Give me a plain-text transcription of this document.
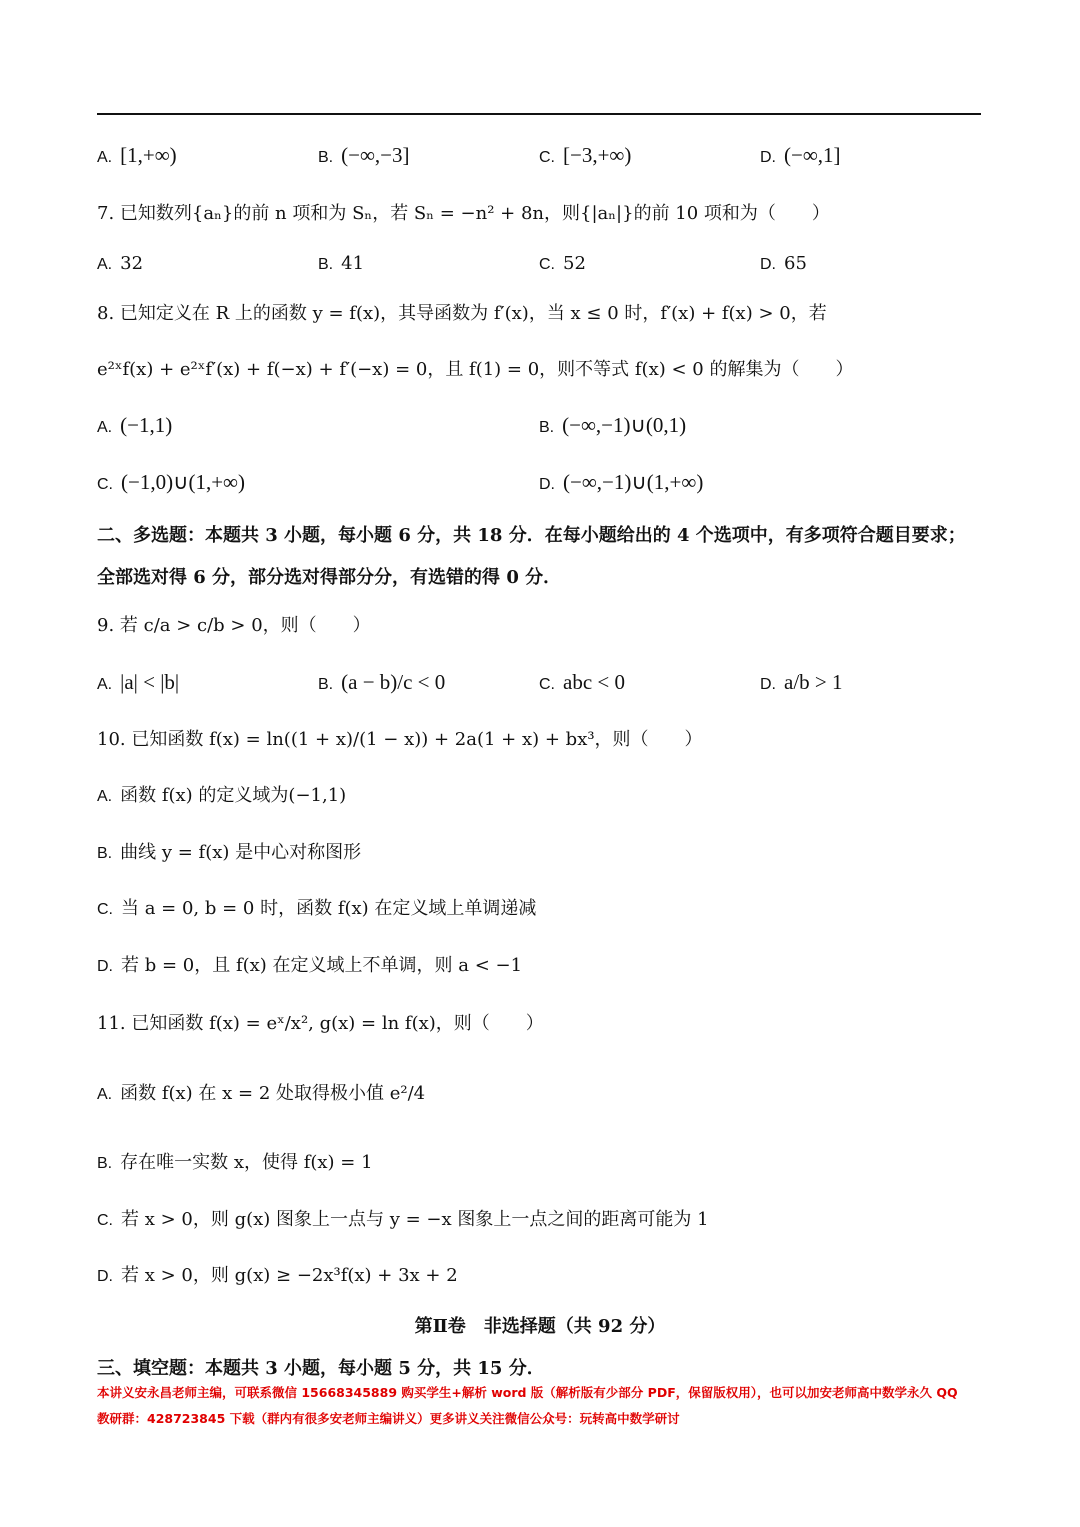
A. [1,+∞)	B. (−∞,−3]	C. [−3,+∞)	D. (−∞,1]
7. 已知数列{aₙ}的前 n 项和为 Sₙ，若 Sₙ = −n² + 8n，则{|aₙ|}的前 10 项和为（　　）
A. 32	B. 41	C. 52	D. 65
8. 已知定义在 R 上的函数 y = f(x)，其导函数为 f′(x)，当 x ≤ 0 时，f′(x) + f(x) > 0，若
e²ˣf(x) + e²ˣf′(x) + f(−x) + f′(−x) = 0，且 f(1) = 0，则不等式 f(x) < 0 的解集为（　　）
A. (−1,1)	B. (−∞,−1)∪(0,1)
C. (−1,0)∪(1,+∞)	D. (−∞,−1)∪(1,+∞)
二、多选题：本题共 3 小题，每小题 6 分，共 18 分．在每小题给出的 4 个选项中，有多项符合题目要求；
全部选对得 6 分，部分选对得部分分，有选错的得 0 分．
9. 若 c/a > c/b > 0，则（　　）
A. |a| < |b|	B. (a − b)/c < 0	C. abc < 0	D. a/b > 1
10. 已知函数 f(x) = ln((1 + x)/(1 − x)) + 2a(1 + x) + bx³，则（　　）
A. 函数 f(x) 的定义域为(−1,1)
B. 曲线 y = f(x) 是中心对称图形
C. 当 a = 0, b = 0 时，函数 f(x) 在定义域上单调递减
D. 若 b = 0，且 f(x) 在定义域上不单调，则 a < −1
11. 已知函数 f(x) = eˣ/x², g(x) = ln f(x)，则（　　）
A. 函数 f(x) 在 x = 2 处取得极小值 e²/4
B. 存在唯一实数 x，使得 f(x) = 1
C. 若 x > 0，则 g(x) 图象上一点与 y = −x 图象上一点之间的距离可能为 1
D. 若 x > 0，则 g(x) ≥ −2x³f(x) + 3x + 2
第Ⅱ卷　非选择题（共 92 分）
三、填空题：本题共 3 小题，每小题 5 分，共 15 分．
本讲义安永昌老师主编，可联系微信 15668345889 购买学生+解析 word 版（解析版有少部分 PDF，保留版权用），也可以加安老师高中数学永久 QQ
教研群：428723845 下载（群内有很多安老师主编讲义）更多讲义关注微信公众号：玩转高中数学研讨
